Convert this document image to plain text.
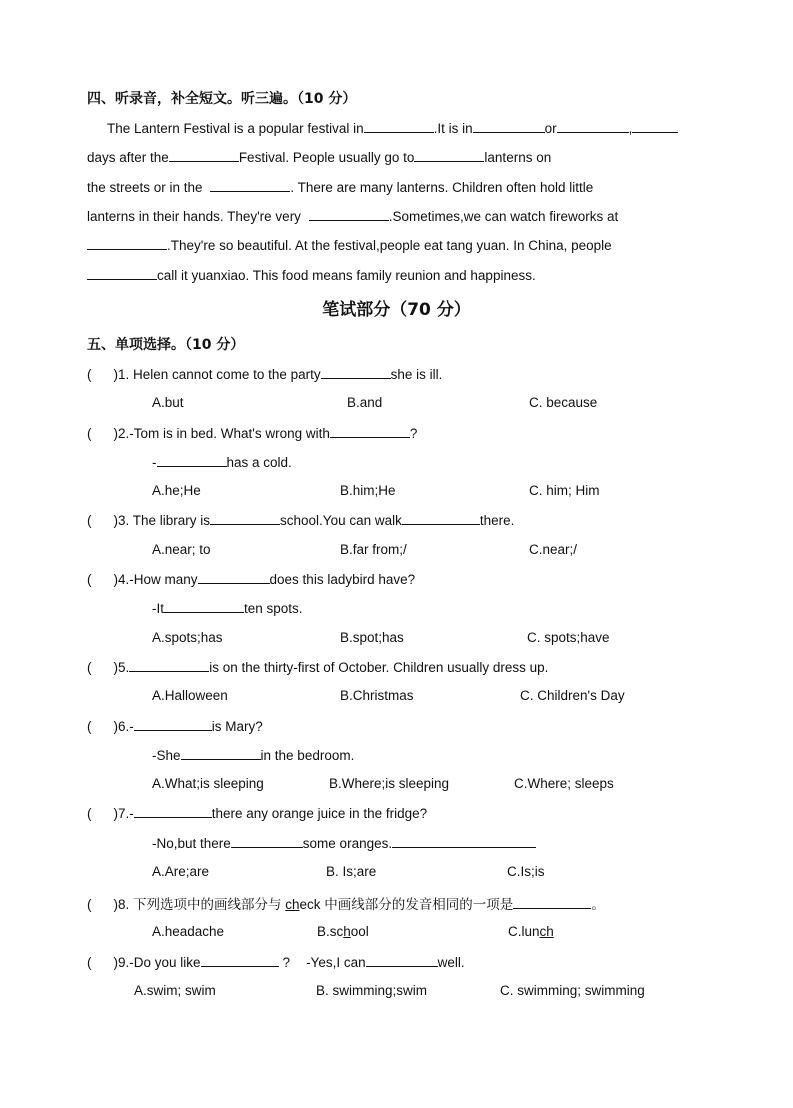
四、听录音，补全短文。听三遍。（10 分）
The Lantern Festival is a popular festival in	.It is in	or	,
days after the	Festival. People usually go to	lanterns on
the streets or in the	. There are many lanterns. Children often hold little
lanterns in their hands. They're very	.Sometimes,we can watch fireworks at
.They're so beautiful. At the festival,people eat tang yuan. In China, people
call it yuanxiao. This food means family reunion and happiness.
笔试部分（70 分）
五、单项选择。（10 分）
( )1. Helen cannot come to the party	she is ill.
A.but	B.and	C. because
( )2.-Tom is in bed. What's wrong with	?
-	has a cold.
A.he;He	B.him;He	C. him; Him
( )3. The library is	school.You can walk	there.
A.near; to	B.far from;/	C.near;/
( )4.-How many	does this ladybird have?
-It	ten spots.
A.spots;has	B.spot;has	C. spots;have
( )5.	is on the thirty-first of October. Children usually dress up.
A.Halloween	B.Christmas	C. Children's Day
( )6.-	is Mary?
-She	in the bedroom.
A.What;is sleeping	B.Where;is sleeping	C.Where; sleeps
( )7.-	there any orange juice in the fridge?
-No,but there	some oranges.
A.Are;are	B. Is;are	C.Is;is
( )8. 下列选项中的画线部分与 check 中画线部分的发音相同的一项是	。
A.headache	B.school	C.lunch
( )9.-Do you like	? -Yes,I can	well.
A.swim; swim	B. swimming;swim	C. swimming; swimming
